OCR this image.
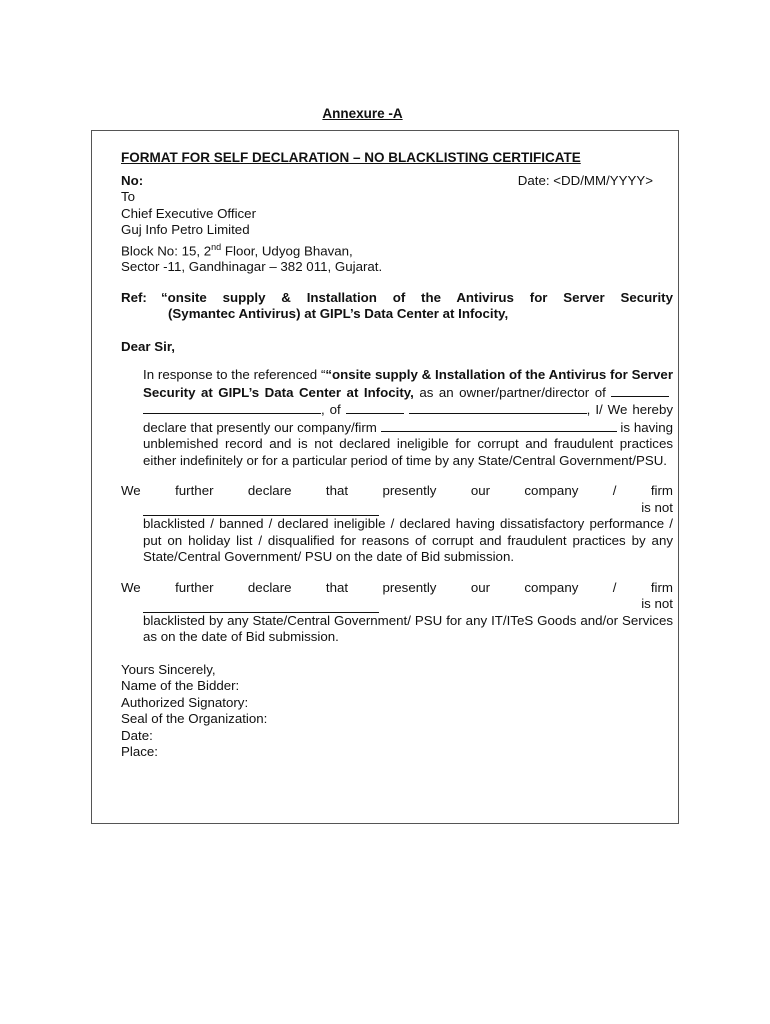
Annexure -A
FORMAT FOR SELF DECLARATION – NO BLACKLISTING CERTIFICATE
No:	Date: <DD/MM/YYYY>
To
Chief Executive Officer
Guj Info Petro Limited
Block No: 15, 2nd Floor, Udyog Bhavan,
Sector -11, Gandhinagar – 382 011, Gujarat.
Ref:	“onsite supply & Installation of the Antivirus for Server Security
(Symantec Antivirus) at GIPL’s Data Center at Infocity,
Dear Sir,
In response to the referenced ““onsite supply & Installation of the Antivirus for Server Security at GIPL’s Data Center at Infocity, as an owner/partner/director of   , of	, I/ We hereby declare that presently our company/firm	is having unblemished record and is not declared ineligible for corrupt and fraudulent practices either indefinitely or for a particular period of time by any State/Central Government/PSU.
We	further	declare	that	presently	our	company	/	firm
is not
blacklisted / banned / declared ineligible / declared having dissatisfactory performance / put on holiday list / disqualified for reasons of corrupt and fraudulent practices by any State/Central Government/ PSU on the date of Bid submission.
We	further	declare	that	presently	our	company	/	firm
is not
blacklisted by any State/Central Government/ PSU for any IT/ITeS Goods and/or Services as on the date of Bid submission.
Yours Sincerely,
Name of the Bidder:
Authorized Signatory:
Seal of the Organization:
Date:
Place:
